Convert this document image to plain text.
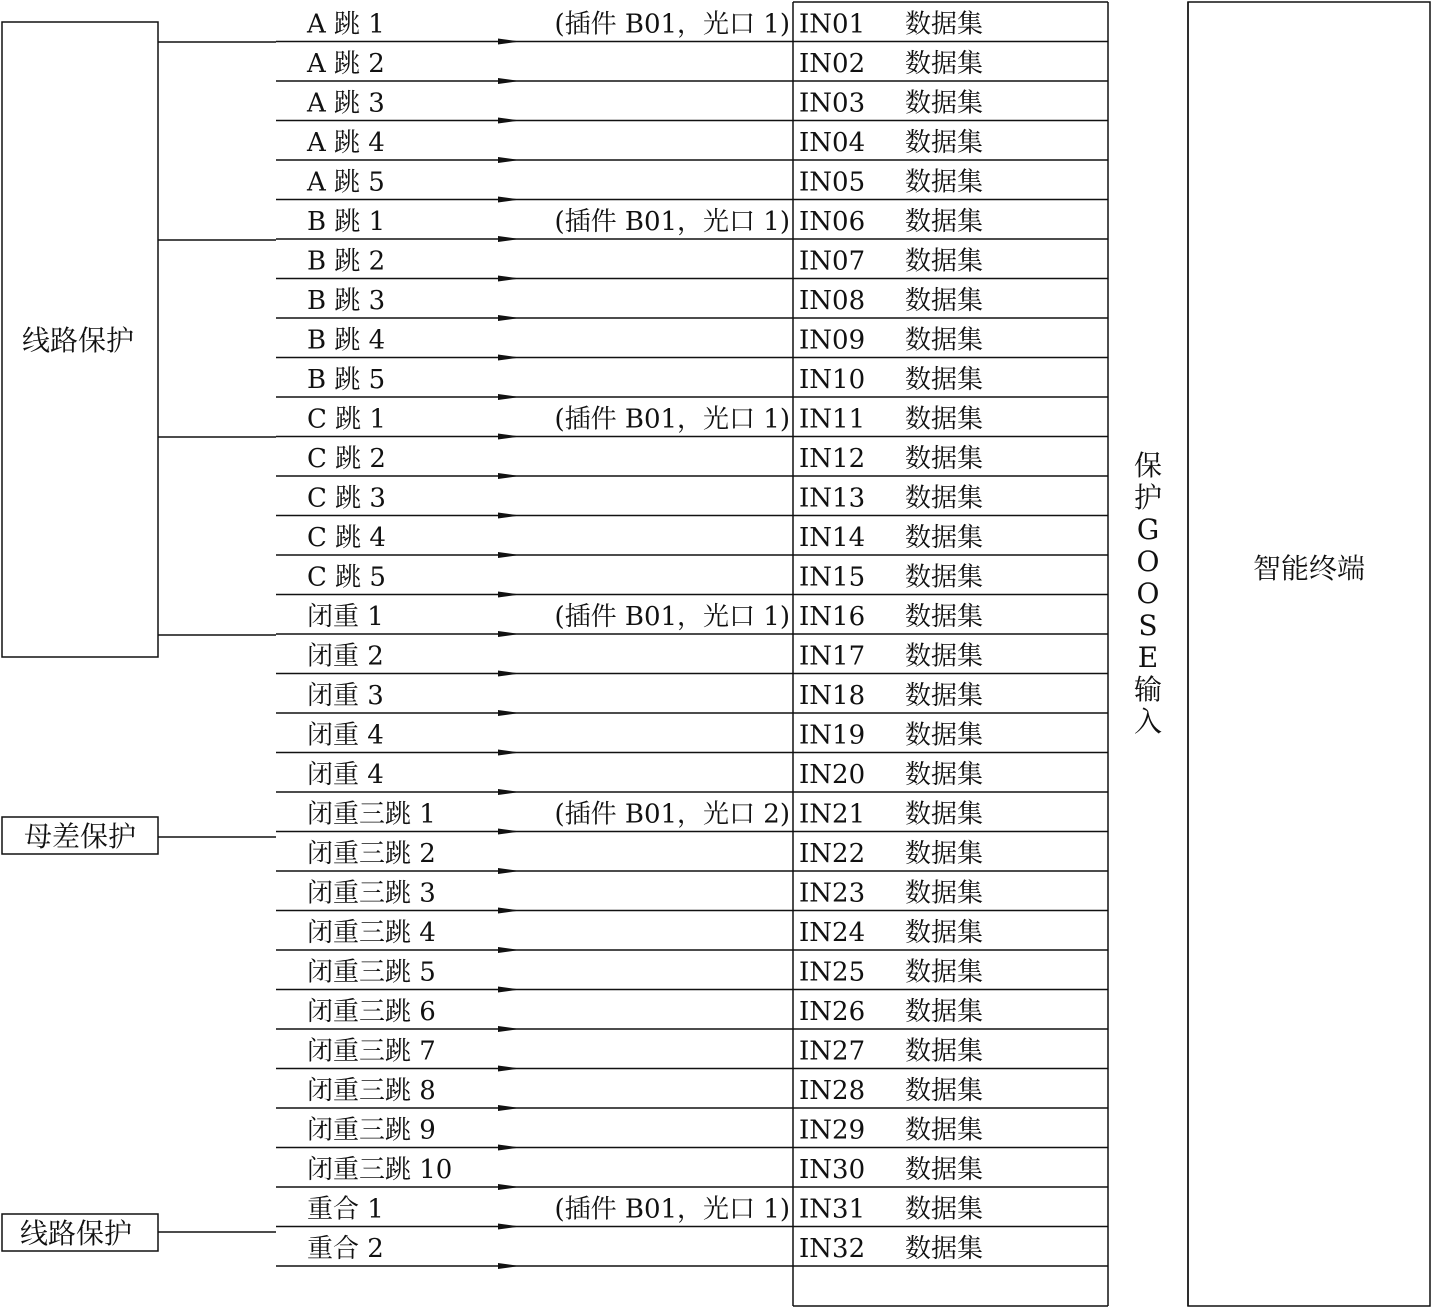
线路保护
母差保护
线路保护
A 跳 1	(插件 B01，光口 1) IN01 数据集
A 跳 2	IN02 数据集
A 跳 3	IN03 数据集
A 跳 4	IN04 数据集
A 跳 5	IN05 数据集
B 跳 1	(插件 B01，光口 1) IN06 数据集
B 跳 2	IN07 数据集
B 跳 3	IN08 数据集
B 跳 4	IN09 数据集
B 跳 5	IN10 数据集
C 跳 1	(插件 B01，光口 1) IN11 数据集
C 跳 2	IN12 数据集
C 跳 3	IN13 数据集
C 跳 4	IN14 数据集
C 跳 5	IN15 数据集
闭重 1	(插件 B01，光口 1) IN16 数据集
闭重 2	IN17 数据集
闭重 3	IN18 数据集
闭重 4	IN19 数据集
闭重 4	IN20 数据集
闭重三跳 1	(插件 B01，光口 2) IN21 数据集
闭重三跳 2	IN22 数据集
闭重三跳 3	IN23 数据集
闭重三跳 4	IN24 数据集
闭重三跳 5	IN25 数据集
闭重三跳 6	IN26 数据集
闭重三跳 7	IN27 数据集
闭重三跳 8	IN28 数据集
闭重三跳 9	IN29 数据集
闭重三跳 10	IN30 数据集
重合 1	(插件 B01，光口 1) IN31 数据集
重合 2	IN32 数据集
保护 G O O S E 输入
智能终端
